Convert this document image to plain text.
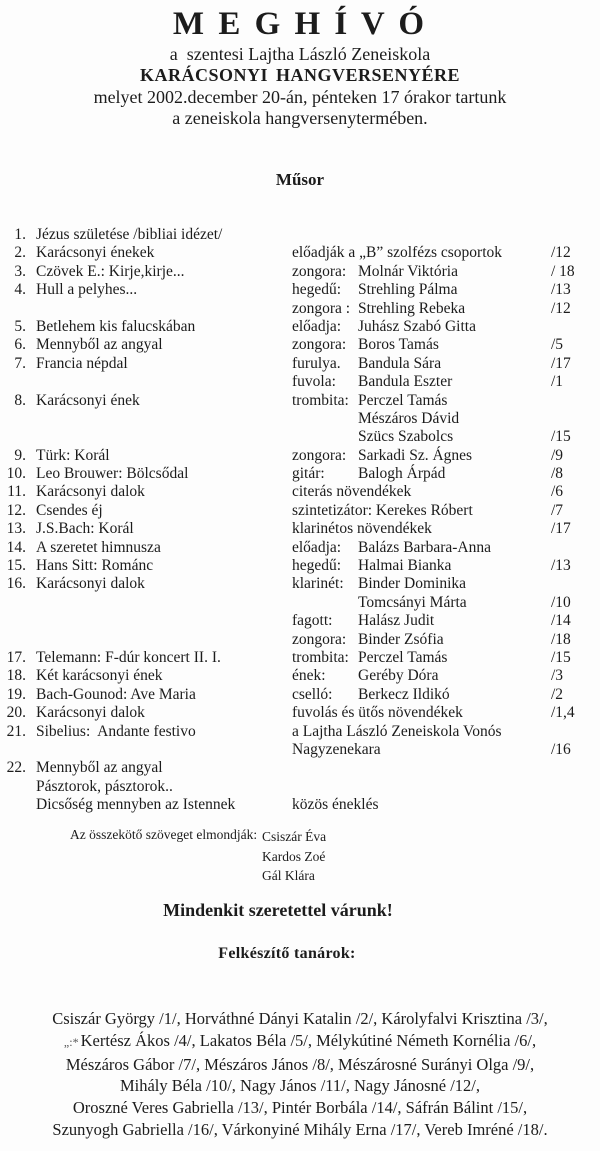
M E G H Í V Ó
a  szentesi Lajtha László Zeneiskola
KARÁCSONYI HANGVERSENYÉRE
melyet 2002.december 20-án, pénteken 17 órakor tartunk
a zeneiskola hangversenytermében.
Műsor
1. Jézus születése /bibliai idézet/
2. Karácsonyi énekek	előadják a „B” szolfézs csoportok	/12
3. Czövek E.: Kirje,kirje...	zongora: Molnár Viktória	/ 18
4. Hull a pelyhes...	hegedű: Strehling Pálma	/13
zongora : Strehling Rebeka	/12
5. Betlehem kis falucskában	előadja: Juhász Szabó Gitta
6. Mennyből az angyal	zongora: Boros Tamás	/5
7. Francia népdal	furulya. Bandula Sára	/17
fuvola: Bandula Eszter	/1
8. Karácsonyi ének	trombita: Perczel Tamás
Mészáros Dávid
Szücs Szabolcs	/15
9. Türk: Korál	zongora: Sarkadi Sz. Ágnes	/9
10. Leo Brouwer: Bölcsődal	gitár: Balogh Árpád	/8
11. Karácsonyi dalok	citerás növendékek	/6
12. Csendes éj	szintetizátor: Kerekes Róbert	/7
13. J.S.Bach: Korál	klarinétos növendékek	/17
14. A szeretet himnusza	előadja: Balázs Barbara-Anna
15. Hans Sitt: Románc	hegedű: Halmai Bianka	/13
16. Karácsonyi dalok	klarinét: Binder Dominika
Tomcsányi Márta	/10
fagott: Halász Judit	/14
zongora: Binder Zsófia	/18
17. Telemann: F-dúr koncert II. I.	trombita: Perczel Tamás	/15
18. Két karácsonyi ének	ének: Geréby Dóra	/3
19. Bach-Gounod: Ave Maria	cselló: Berkecz Ildikó	/2
20. Karácsonyi dalok	fuvolás és ütős növendékek	/1,4
21. Sibelius:  Andante festivo	a Lajtha László Zeneiskola Vonós
Nagyzenekara	/16
22. Mennyből az angyal
Pásztorok, pásztorok..
Dicsőség mennyben az Istennek	közös éneklés
Az összekötő szöveget elmondják: Csiszár Éva
Kardos Zoé
Gál Klára
Mindenkit szeretettel várunk!
Felkészítő tanárok:
Csiszár György /1/, Horváthné Dányi Katalin /2/, Károlyfalvi Krisztina /3/,
„:* Kertész Ákos /4/, Lakatos Béla /5/, Mélykútiné Németh Kornélia /6/,
Mészáros Gábor /7/, Mészáros János /8/, Mészárosné Surányi Olga /9/,
Mihály Béla /10/, Nagy János /11/, Nagy Jánosné /12/,
Oroszné Veres Gabriella /13/, Pintér Borbála /14/, Sáfrán Bálint /15/,
Szunyogh Gabriella /16/, Várkonyiné Mihály Erna /17/, Vereb Imréné /18/.
